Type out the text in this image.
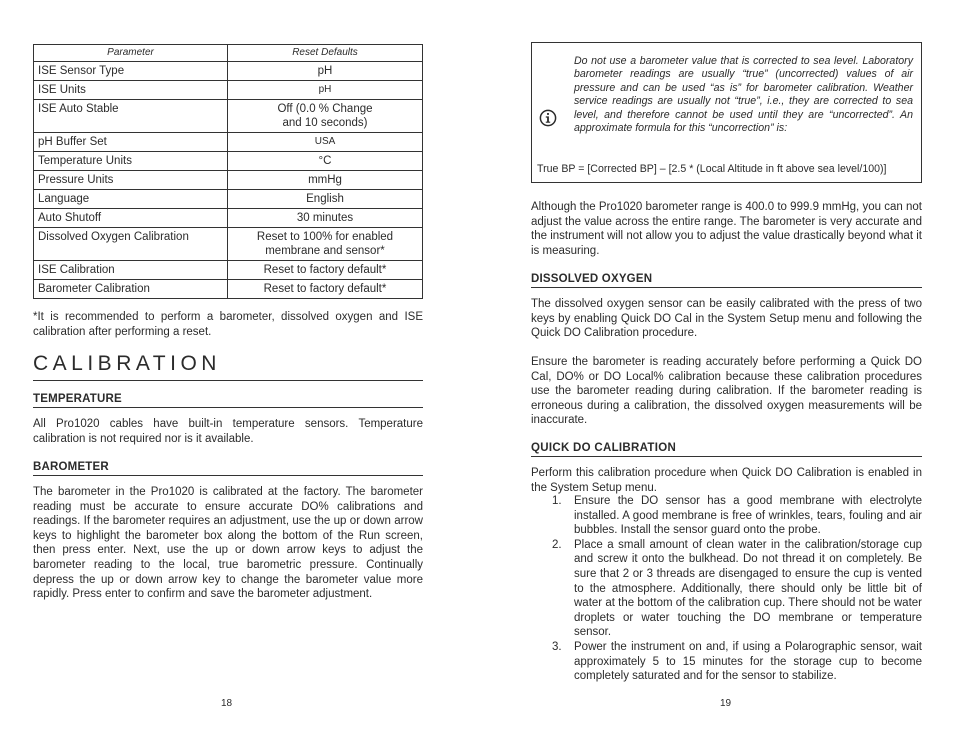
Parameter	Reset Defaults
ISE Sensor Type	pH
ISE Units	pH
ISE Auto Stable	Off (0.0 % Change
and 10 seconds)
pH Buffer Set	USA
Temperature Units	°C
Pressure Units	mmHg
Language	English
Auto Shutoff	30 minutes
Dissolved Oxygen Calibration	Reset to 100% for enabled
membrane and sensor*
ISE Calibration	Reset to factory default*
Barometer Calibration	Reset to factory default*

*It is recommended to perform a barometer, dissolved oxygen and ISE calibration after performing a reset.

CALIBRATION
TEMPERATURE

All Pro1020 cables have built-in temperature sensors. Temperature calibration is not required nor is it available.

BAROMETER

The barometer in the Pro1020 is calibrated at the factory. The barometer reading must be accurate to ensure accurate DO% calibrations and readings. If the barometer requires an adjustment, use the up or down arrow keys to highlight the barometer box along the bottom of the Run screen, then press enter. Next, use the up or down arrow keys to adjust the barometer reading to the local, true barometric pressure. Continually depress the up or down arrow key to change the barometer value more rapidly. Press enter to confirm and save the barometer adjustment.

18

Do not use a barometer value that is corrected to sea level. Laboratory barometer readings are usually “true” (uncorrected) values of air pressure and can be used “as is” for barometer calibration. Weather service readings are usually not “true”, i.e., they are corrected to sea level, and therefore cannot be used until they are “uncorrected”. An approximate formula for this “uncorrection” is:

True BP = [Corrected BP] – [2.5 * (Local Altitude in ft above sea level/100)]

Although the Pro1020 barometer range is 400.0 to 999.9 mmHg, you can not adjust the value across the entire range. The barometer is very accurate and the instrument will not allow you to adjust the value drastically beyond what it is measuring.

DISSOLVED OXYGEN

The dissolved oxygen sensor can be easily calibrated with the press of two keys by enabling Quick DO Cal in the System Setup menu and following the Quick DO Calibration procedure.

Ensure the barometer is reading accurately before performing a Quick DO Cal, DO% or DO Local% calibration because these calibration procedures use the barometer reading during calibration. If the barometer reading is erroneous during a calibration, the dissolved oxygen measurements will be inaccurate.

QUICK DO CALIBRATION

Perform this calibration procedure when Quick DO Calibration is enabled in the System Setup menu.

1. Ensure the DO sensor has a good membrane with electrolyte installed. A good membrane is free of wrinkles, tears, fouling and air bubbles. Install the sensor guard onto the probe.
2. Place a small amount of clean water in the calibration/storage cup and screw it onto the bulkhead. Do not thread it on completely. Be sure that 2 or 3 threads are disengaged to ensure the cup is vented to the atmosphere. Additionally, there should only be little bit of water at the bottom of the calibration cup. There should not be water droplets or water touching the DO membrane or temperature sensor.
3. Power the instrument on and, if using a Polarographic sensor, wait approximately 5 to 15 minutes for the storage cup to become completely saturated and for the sensor to stabilize.
19
